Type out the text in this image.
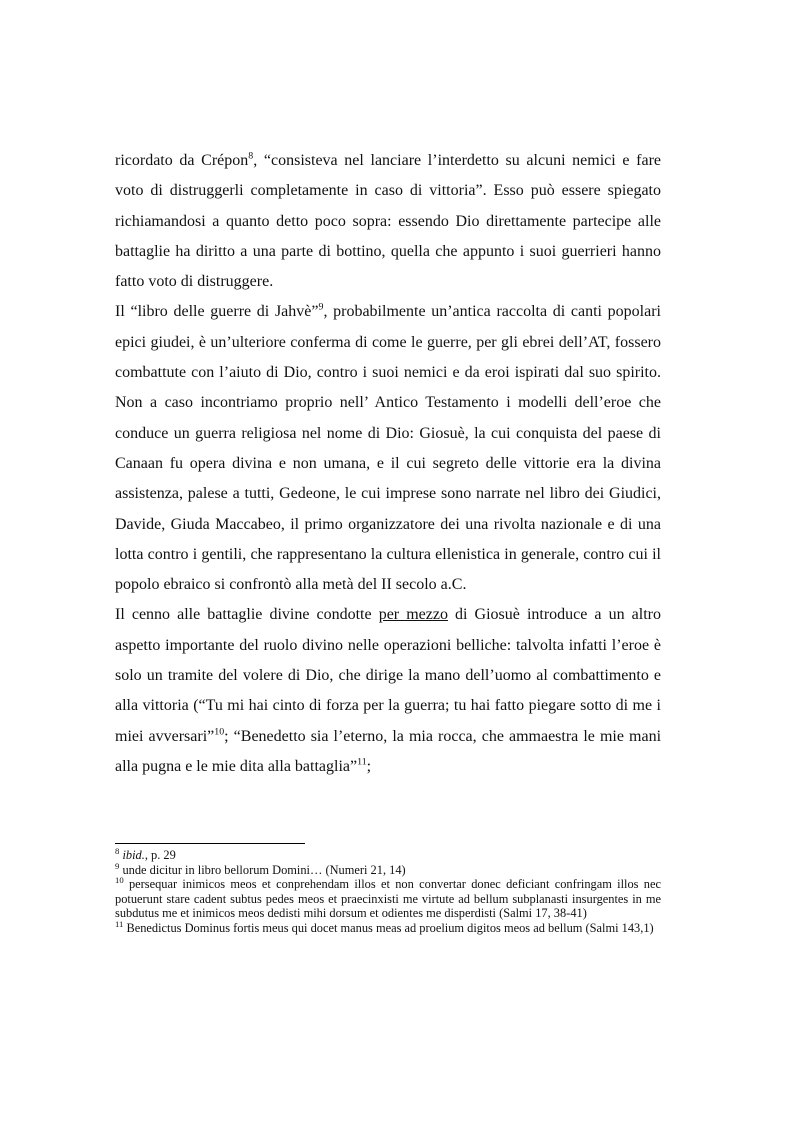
ricordato da Crépon$^8$, “consisteva nel lanciare l’interdetto su alcuni nemici e fare voto di distruggerli completamente in caso di vittoria”. Esso può essere spiegato richiamandosi a quanto detto poco sopra: essendo Dio direttamente partecipe alle battaglie ha diritto a una parte di bottino, quella che appunto i suoi guerrieri hanno fatto voto di distruggere.

Il “libro delle guerre di Jahvè”$^9$, probabilmente un’antica raccolta di canti popolari epici giudei, è un’ulteriore conferma di come le guerre, per gli ebrei dell’AT, fossero combattute con l’aiuto di Dio, contro i suoi nemici e da eroi ispirati dal suo spirito. Non a caso incontriamo proprio nell’ Antico Testamento i modelli dell’eroe che conduce un guerra religiosa nel nome di Dio: Giosuè, la cui conquista del paese di Canaan fu opera divina e non umana, e il cui segreto delle vittorie era la divina assistenza, palese a tutti, Gedeone, le cui imprese sono narrate nel libro dei Giudici, Davide, Giuda Maccabeo, il primo organizzatore dei una rivolta nazionale e di una lotta contro i gentili, che rappresentano la cultura ellenistica in generale, contro cui il popolo ebraico si confrontò alla metà del II secolo a.C.

Il cenno alle battaglie divine condotte per mezzo di Giosuè introduce a un altro aspetto importante del ruolo divino nelle operazioni belliche: talvolta infatti l’eroe è solo un tramite del volere di Dio, che dirige la mano dell’uomo al combattimento e alla vittoria (“Tu mi hai cinto di forza per la guerra; tu hai fatto piegare sotto di me i miei avversari”$^{10}$; “Benedetto sia l’eterno, la mia rocca, che ammaestra le mie mani alla pugna e le mie dita alla battaglia”$^{11}$;

$^8$ ibid., p. 29

$^9$ unde dicitur in libro bellorum Domini… (Numeri 21, 14)

$^{10}$ persequar inimicos meos et conprehendam illos et non convertar donec deficiant confringam illos nec potuerunt stare cadent subtus pedes meos et praecinxisti me virtute ad bellum subplanasti insurgentes in me subdutus me et inimicos meos dedisti mihi dorsum et odientes me disperdisti (Salmi 17, 38-41)

$^{11}$ Benedictus Dominus fortis meus qui docet manus meas ad proelium digitos meos ad bellum (Salmi 143,1)
